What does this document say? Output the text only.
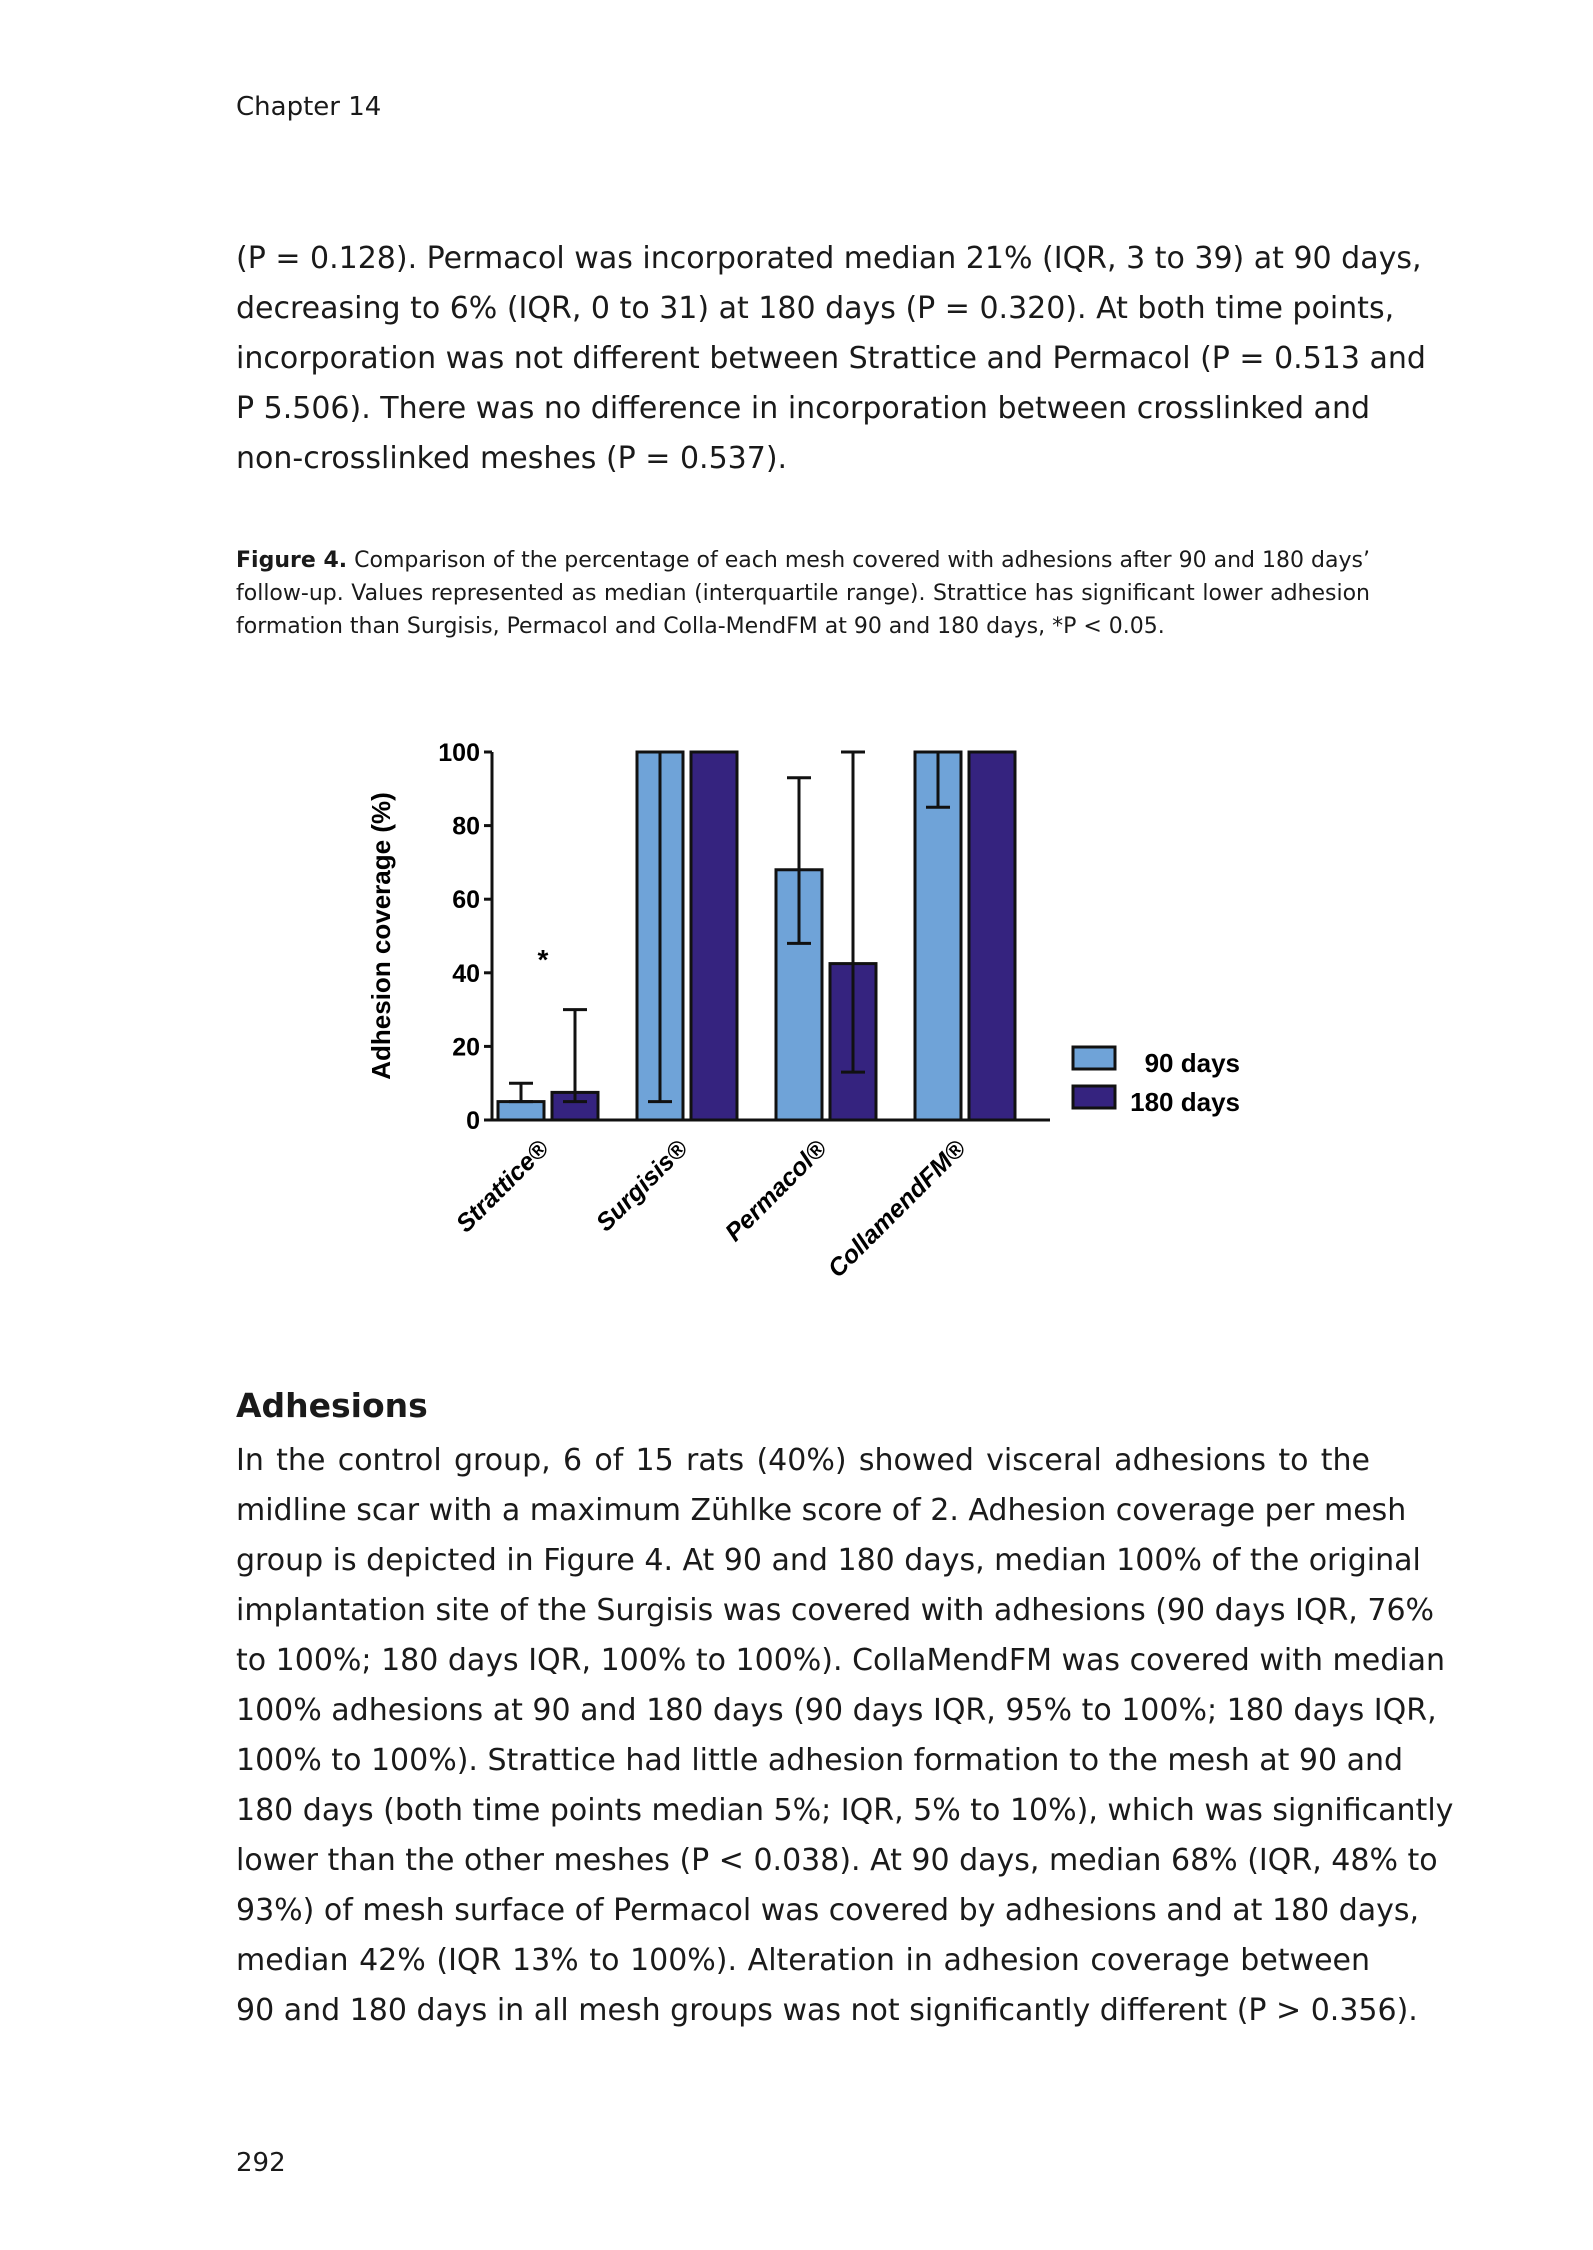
Chapter 14
(P = 0.128). Permacol was incorporated median 21% (IQR, 3 to 39) at 90 days,
decreasing to 6% (IQR, 0 to 31) at 180 days (P = 0.320). At both time points,
incorporation was not different between Strattice and Permacol (P = 0.513 and
P 5.506). There was no difference in incorporation between crosslinked and
non-crosslinked meshes (P = 0.537).
Figure 4. Comparison of the percentage of each mesh covered with adhesions after 90 and 180 days’
follow-up. Values represented as median (interquartile range). Strattice has significant lower adhesion
formation than Surgisis, Permacol and Colla-MendFM at 90 and 180 days, *P < 0.05.
0
20
40
60
80
100
Strattice® Surgisis® Permacol®
CollamendFM®
*
Adhesion coverage (%)	90 days
180 days
Adhesions
In the control group, 6 of 15 rats (40%) showed visceral adhesions to the
midline scar with a maximum Zühlke score of 2. Adhesion coverage per mesh
group is depicted in Figure 4. At 90 and 180 days, median 100% of the original
implantation site of the Surgisis was covered with adhesions (90 days IQR, 76%
to 100%; 180 days IQR, 100% to 100%). CollaMendFM was covered with median
100% adhesions at 90 and 180 days (90 days IQR, 95% to 100%; 180 days IQR,
100% to 100%). Strattice had little adhesion formation to the mesh at 90 and
180 days (both time points median 5%; IQR, 5% to 10%), which was significantly
lower than the other meshes (P < 0.038). At 90 days, median 68% (IQR, 48% to
93%) of mesh surface of Permacol was covered by adhesions and at 180 days,
median 42% (IQR 13% to 100%). Alteration in adhesion coverage between
90 and 180 days in all mesh groups was not significantly different (P > 0.356).
292
